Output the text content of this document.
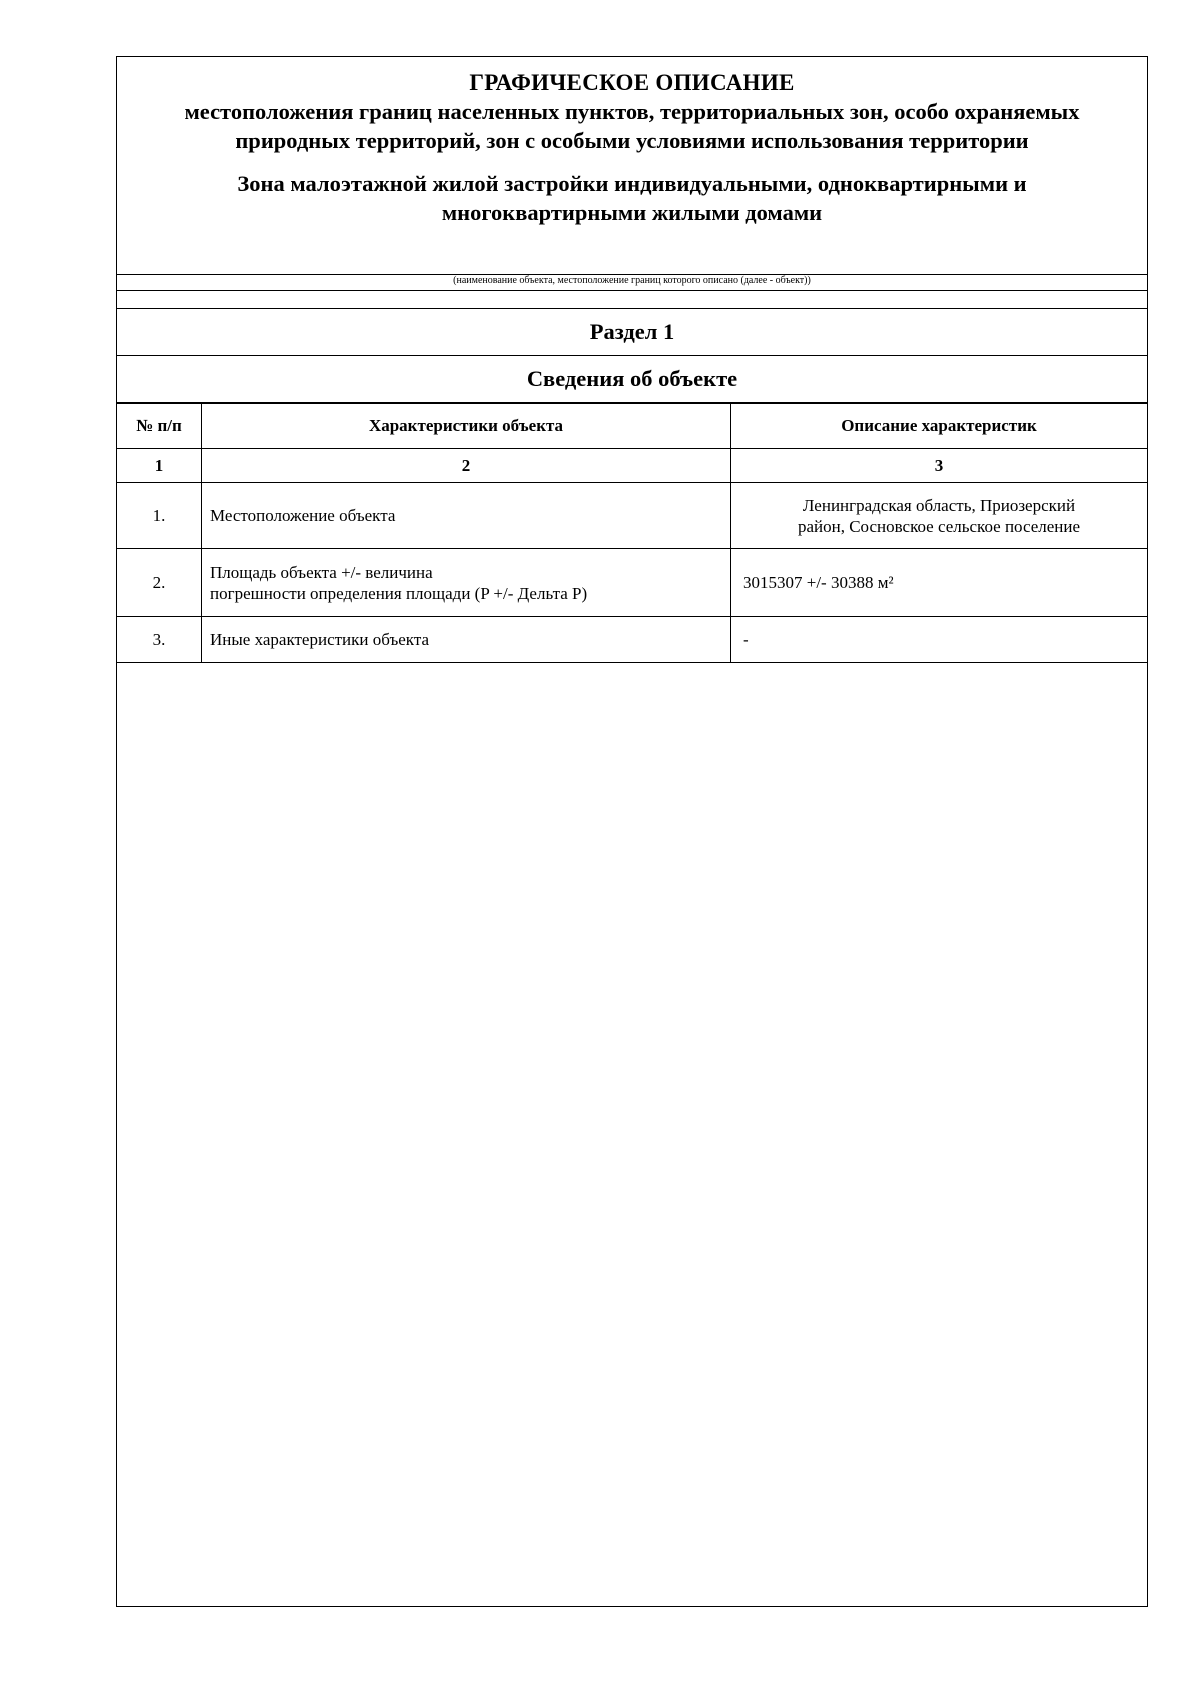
ГРАФИЧЕСКОЕ ОПИСАНИЕ
местоположения границ населенных пунктов, территориальных зон, особо охраняемых природных территорий, зон с особыми условиями использования территории
Зона малоэтажной жилой застройки индивидуальными, одноквартирными и многоквартирными жилыми домами
(наименование объекта, местоположение границ которого описано (далее - объект))
Раздел 1
Сведения об объекте
№ п/п	Характеристики объекта	Описание характеристик
1	2	3
1.	Местоположение объекта	Ленинградская область, Приозерский
район, Сосновское сельское поселение

2.	Площадь объекта +/- величина
погрешности определения площади (P +/- Дельта P)	3015307 +/- 30388 м²
3.	Иные характеристики объекта	-
